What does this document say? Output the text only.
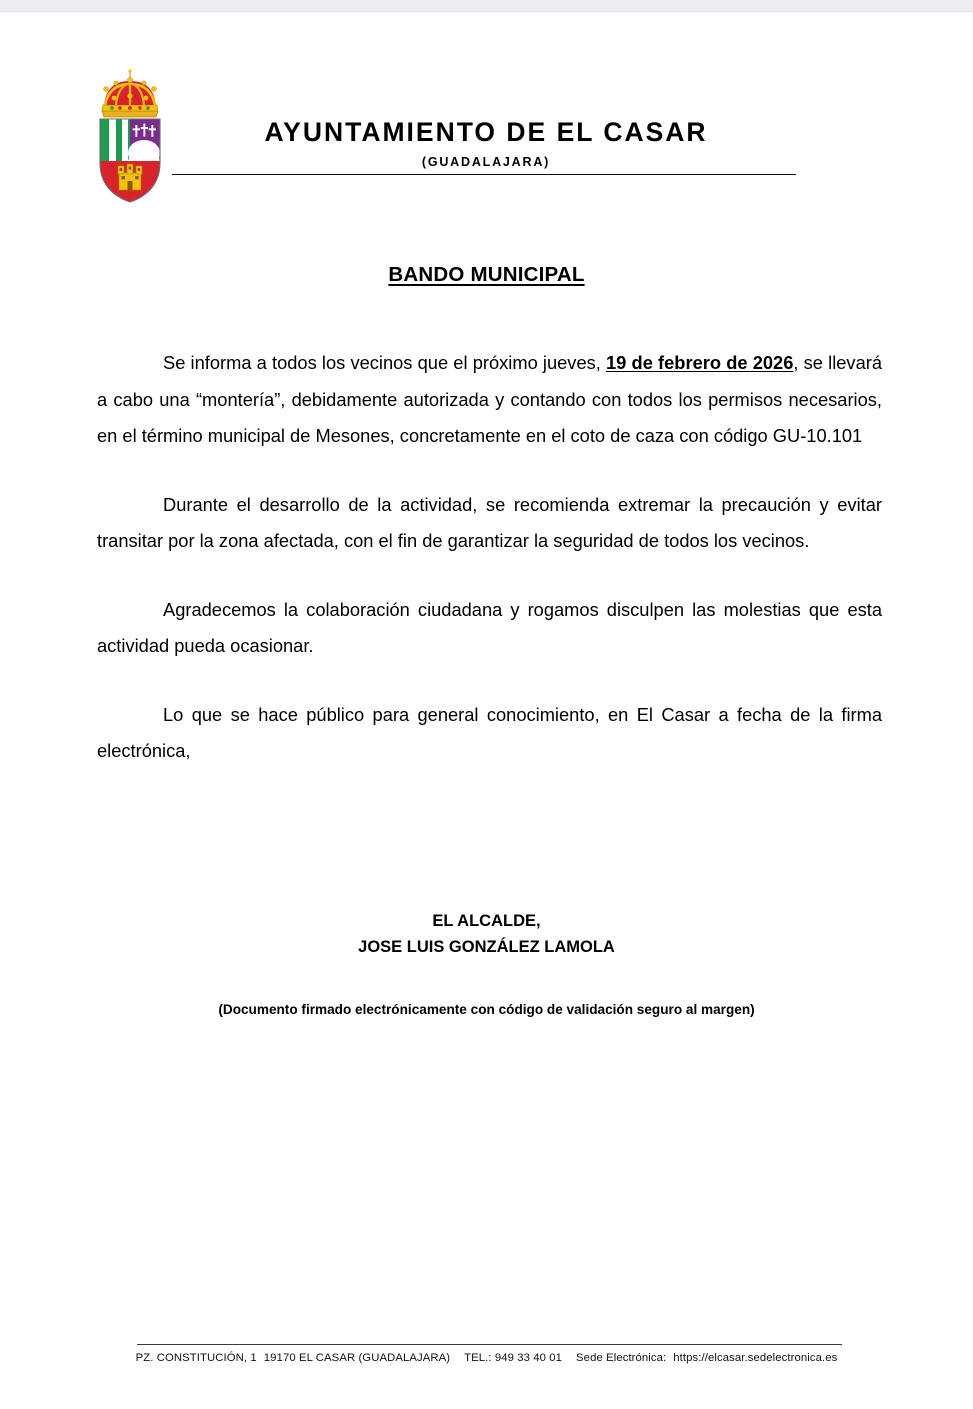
AYUNTAMIENTO DE EL CASAR
(GUADALAJARA)
BANDO MUNICIPAL

Se informa a todos los vecinos que el próximo jueves, 19 de febrero de 2026, se llevará a cabo una “montería”, debidamente autorizada y contando con todos los permisos necesarios, en el término municipal de Mesones, concretamente en el coto de caza con código GU-10.101

Durante el desarrollo de la actividad, se recomienda extremar la precaución y evitar transitar por la zona afectada, con el fin de garantizar la seguridad de todos los vecinos.

Agradecemos la colaboración ciudadana y rogamos disculpen las molestias que esta actividad pueda ocasionar.

Lo que se hace público para general conocimiento, en El Casar a fecha de la firma electrónica,

EL ALCALDE,
JOSE LUIS GONZÁLEZ LAMOLA
(Documento firmado electrónicamente con código de validación seguro al margen)
PZ. CONSTITUCIÓN, 1 19170 EL CASAR (GUADALAJARA) TEL.: 949 33 40 01 Sede Electrónica: https://elcasar.sedelectronica.es
